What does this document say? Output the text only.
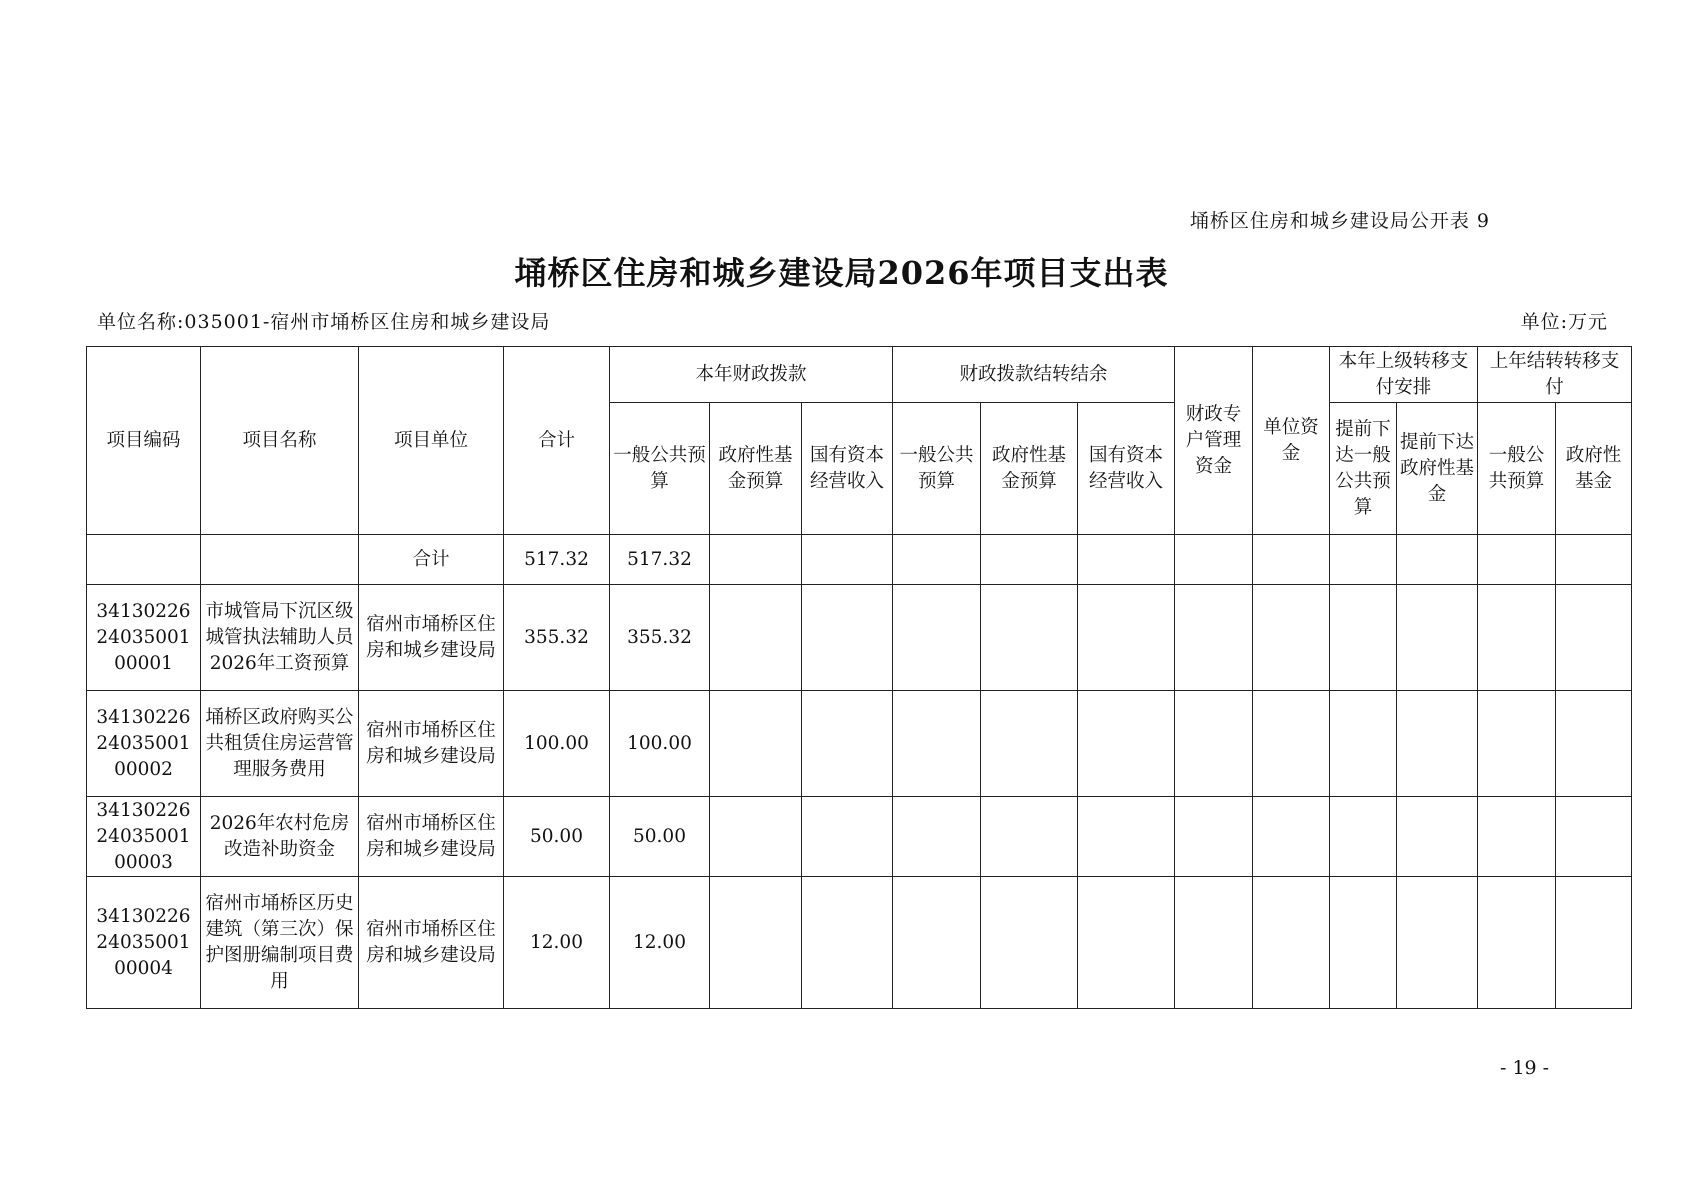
埇桥区住房和城乡建设局公开表 9
埇桥区住房和城乡建设局2026年项目支出表
单位名称:035001-宿州市埇桥区住房和城乡建设局	单位:万元
项目编码	项目名称	项目单位	合计	本年财政拨款			财政拨款结转结余			财政专户管理资金	单位资金	本年上级转移支付安排		上年结转转移支付	
				一般公共预算	政府性基金预算	国有资本经营收入	一般公共预算	政府性基金预算	国有资本经营收入			提前下达一般公共预算	提前下达政府性基金	一般公共预算	政府性基金
		合计	517.32	517.32											
34130226 24035001 00001	市城管局下沉区级城管执法辅助人员2026年工资预算	宿州市埇桥区住房和城乡建设局	355.32	355.32											
34130226 24035001 00002	埇桥区政府购买公共租赁住房运营管理服务费用	宿州市埇桥区住房和城乡建设局	100.00	100.00											
34130226 24035001 00003	2026年农村危房改造补助资金	宿州市埇桥区住房和城乡建设局	50.00	50.00											
34130226 24035001 00004	宿州市埇桥区历史建筑（第三次）保护图册编制项目费用	宿州市埇桥区住房和城乡建设局	12.00	12.00											
- 19 -
